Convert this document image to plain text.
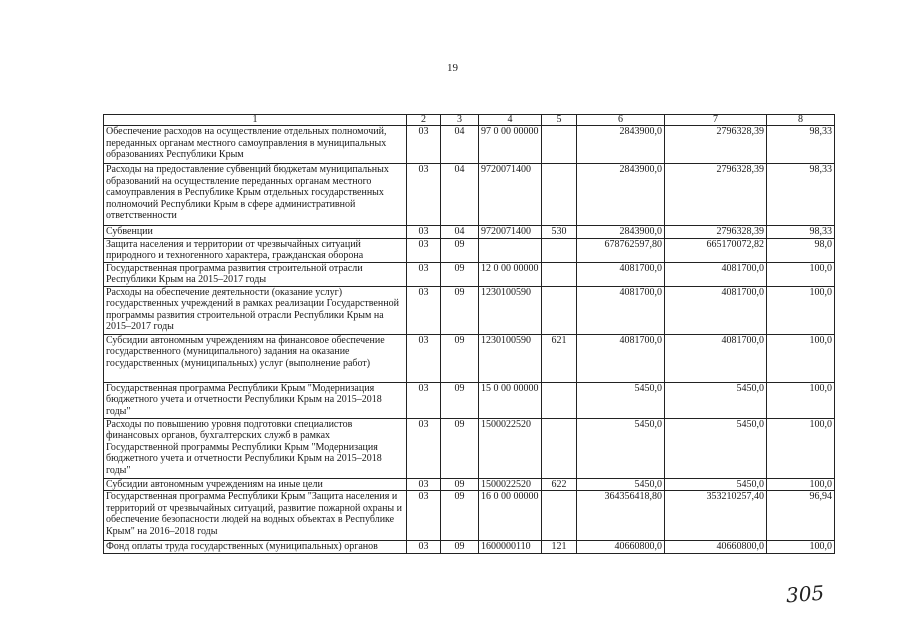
19
1	2	3	4	5	6	7	8
Обеспечение расходов на осуществление отдельных полномочий, переданных органам местного самоуправления в муниципальных образованиях Республики Крым	03	04	97 0 00 00000		2843900,0	2796328,39	98,33
Расходы на предоставление субвенций бюджетам муниципальных образований на осуществление переданных органам местного самоуправления в Республике Крым отдельных государственных полномочий Республики Крым в сфере административной ответственности	03	04	9720071400		2843900,0	2796328,39	98,33
Субвенции	03	04	9720071400	530	2843900,0	2796328,39	98,33
Защита населения и территории от чрезвычайных ситуаций природного и техногенного характера, гражданская оборона	03	09			678762597,80	665170072,82	98,0
Государственная программа развития строительной отрасли Республики Крым на 2015–2017 годы	03	09	12 0 00 00000		4081700,0	4081700,0	100,0
Расходы на обеспечение деятельности (оказание услуг) государственных учреждений в рамках реализации Государственной программы развития строительной отрасли Республики Крым на 2015–2017 годы	03	09	1230100590		4081700,0	4081700,0	100,0
Субсидии автономным учреждениям на финансовое обеспечение государственного (муниципального) задания на оказание государственных (муниципальных) услуг (выполнение работ)	03	09	1230100590	621	4081700,0	4081700,0	100,0
Государственная программа Республики Крым "Модернизация бюджетного учета и отчетности Республики Крым на 2015–2018 годы"	03	09	15 0 00 00000		5450,0	5450,0	100,0
Расходы по повышению уровня подготовки специалистов финансовых органов, бухгалтерских служб в рамках Государственной программы Республики Крым "Модернизация бюджетного учета и отчетности Республики Крым на 2015–2018 годы"	03	09	1500022520		5450,0	5450,0	100,0
Субсидии автономным учреждениям на иные цели	03	09	1500022520	622	5450,0	5450,0	100,0
Государственная программа Республики Крым "Защита населения и территорий от чрезвычайных ситуаций, развитие пожарной охраны и обеспечение безопасности людей на водных объектах в Республике Крым" на 2016–2018 годы	03	09	16 0 00 00000		364356418,80	353210257,40	96,94
Фонд оплаты труда государственных (муниципальных) органов	03	09	1600000110	121	40660800,0	40660800,0	100,0
305
